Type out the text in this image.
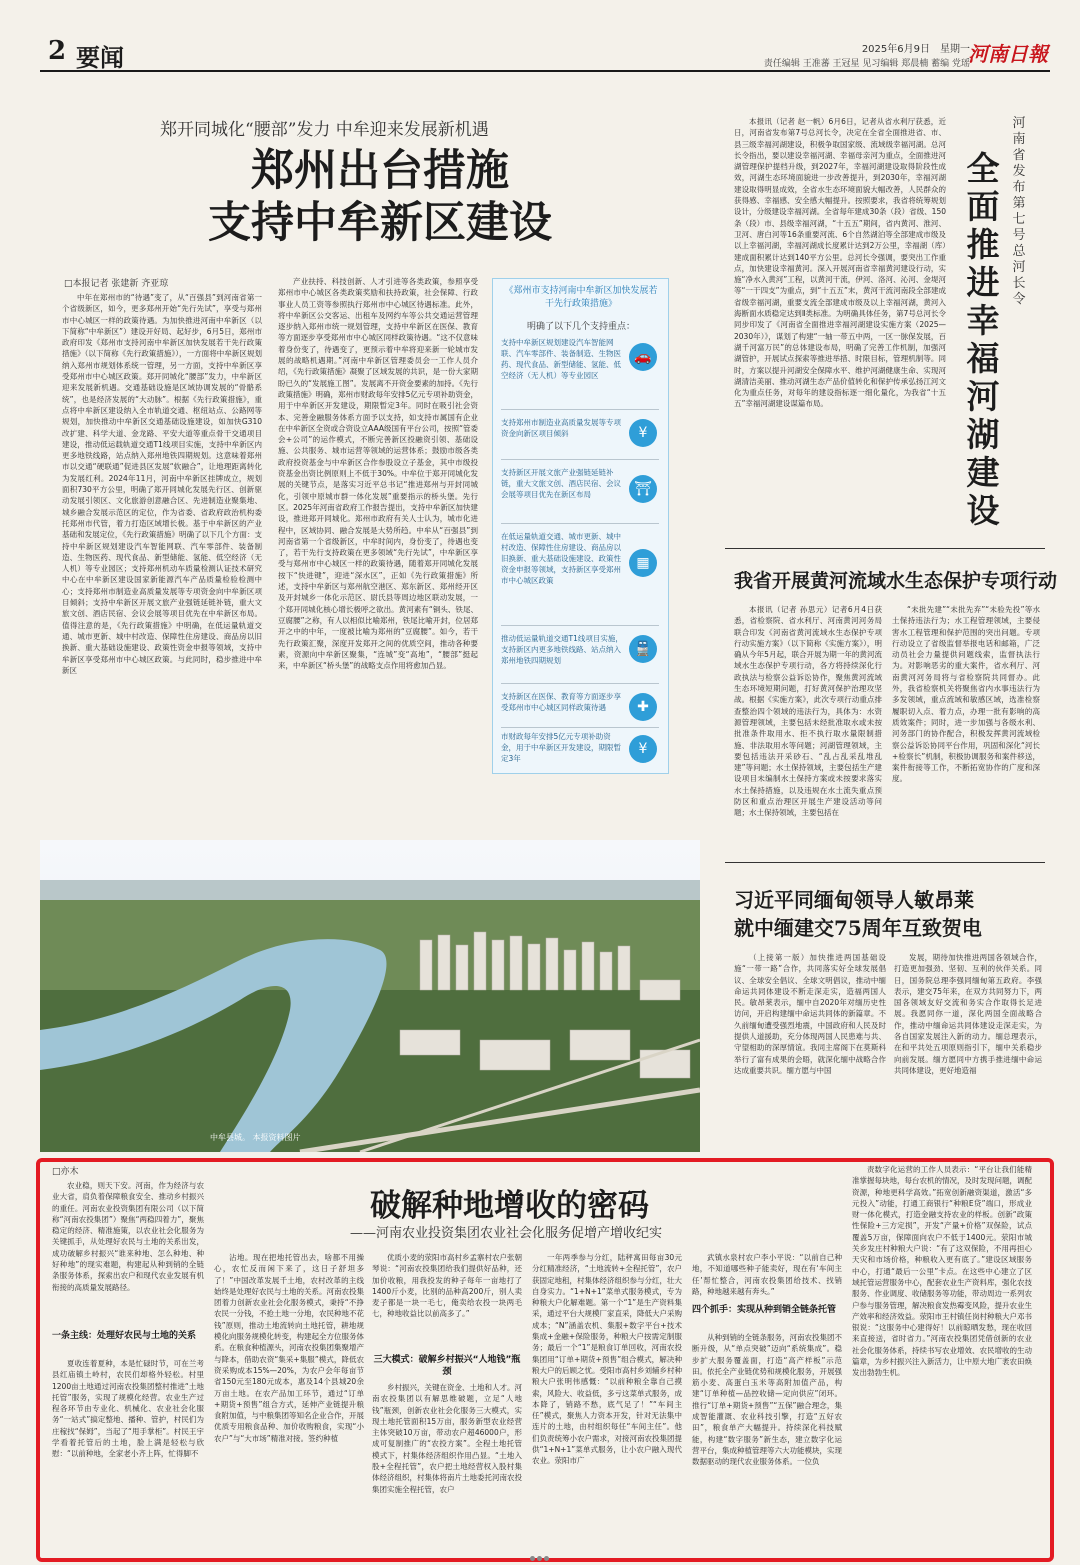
2 要闻	2025年6月9日　星期一
责任编辑 王准蕃 王冠星 见习编辑 郑晨楠 蓄编 党瑶
河南日報
郑开同城化“腰部”发力 中牟迎来发展新机遇
郑州出台措施
支持中牟新区建设
□本报记者 张建新 齐亚琼

中年在郑州市的“待遇”变了，从“百强县”到河南省第一个省级新区，如今，更多郑州开始“先行先试”，享受与郑州市中心城区一样的政策待遇。为加快推进河南中牟新区（以下简称“中牟新区”）建设开好局、起好步，6月5日，郑州市政府印发《郑州市支持河南中牟新区加快发展若干先行政策措施》（以下简称《先行政策措施》），一方面将中牟新区规划纳入郑州市规划体系统一管理，另一方面，支持中牟新区享受郑州市中心城区政策。郑开同城化“腰部”发力，中牟新区迎来发展新机遇。交通基础设施是区域协调发展的“骨骼系统”，也是经济发展的“大动脉”。根据《先行政策措施》，重点将中牟新区建设纳入全市轨道交通、枢纽站点、公路网等规划，加快推动中牟新区交通基础设施建设，如加快G310改扩建、科学大道、金龙路、平安大道等重点骨干交通项目建设，推动低运载轨道交通T1线项目实施，支持中牟新区内更多地铁线路，站点纳入郑州地铁四期规划。这意味着郑州市以交通“硬联通”促进县区发展“软融合”，让地理距离转化为发展红利。2024年11月，河南中牟新区挂牌成立，规划面积730平方公里，明确了郑开同城化发展先行区、创新驱动发展引领区、文化旅游创意融合区、先进制造业聚集地、城乡融合发展示范区的定位，作为省委、省政府政治机构委托郑州市代管，着力打造区域增长极。基于中牟新区的产业基础和发展定位，《先行政策措施》明确了以下几个方面：支持中牟新区规划建设汽车智能网联、汽车零部件、装备制造、生物医药、现代食品、新型储能、氢能、低空经济（无人机）等专业园区；支持郑州机动车质量检测认证技术研究中心在中牟新区建设国家新能源汽车产品质量检验检测中心；支持郑州市制造业高质量发展等专项资金向中牟新区项目倾斜；支持中牟新区开展文旅产业强链延链补链，重大文旅文创、酒店民宿、会议会展等项目优先在中牟新区布局。值得注意的是，《先行政策措施》中明确，在低运量轨道交通、城市更新、城中村改造、保障性住房建设、商品房以旧换新、重大基础设施建设、政策性资金申报等领域，支持中牟新区享受郑州市中心城区政策。与此同时，稳步推进中牟新区

产业扶持、科技创新、人才引进等各类政策，参照享受郑州市中心城区各类政策奖励和扶持政策，社会保障、行政事业人员工资等参照执行郑州市中心城区待遇标准。此外，将中牟新区公交客运、出租车及网约车等公共交通运营管理逐步纳入郑州市统一规划管理，支持中牟新区在医保、教育等方面逐步享受郑州市中心城区同样政策待遇。“这不仅意味着身份变了，待遇变了，更预示着中牟将迎来新一轮城市发展的战略机遇期。”河南中牟新区管理委员会一工作人员介绍，《先行政策措施》凝聚了区域发展的共识，是一份大家期盼已久的“发展施工图”。发展离不开资金要素的加持。《先行政策措施》明确，郑州市财政每年安排5亿元专项补助资金，用于中牟新区开发建设，期限暂定3年。同时在吸引社会资本、完善金融服务体系方面予以支持，如支持市属国有企业在中牟新区全资或合资设立AAA级国有平台公司，按照“管委会+公司”的运作模式，不断完善新区投融资引领、基础设施、公共服务、城市运营等领域的运营体系；鼓励市级各类政府投资基金与中牟新区合作参股设立子基金，其中市级投资基金出资比例原则上不低于30%。中牟位于郑开同城化发展的关键节点，是落实习近平总书记“推进郑州与开封同城化，引领中原城市群一体化发展”重要指示的桥头堡。先行区。2025年河南省政府工作报告提出，支持中牟新区加快建设，推进郑开同城化。郑州市政府有关人士认为，城市化进程中，区域协同、融合发展是大势所趋。中牟从“百强县”到河南省第一个省级新区，中牟时间内，身份变了，待遇也变了，若干先行支持政策在更多领域“先行先试”，中牟新区享受与郑州市中心城区一样的政策待遇，随着郑开同城化发展按下“快进键”，迎进“深水区”，正如《先行政策措施》所述，支持中牟新区与郑州航空港区、郑东新区、郑州经开区及开封城乡一体化示范区、尉氏县等周边地区联动发展，一个郑开同城化核心增长极呼之欲出。黄河素有“铜头、铁尾、豆腐腰”之称，有人以相似比喻郑州，铁尾比喻开封，位居郑开之中的中年，一度被比喻为郑州的“豆腐腰”。如今，若干先行政策汇聚，深度开发郑开之间的优质空间，推动各种要素，资源向中牟新区聚集，“连城”变“高地”，“腰部”挺起来，中牟新区“桥头堡”的战略支点作用将愈加凸显。

《郑州市支持河南中牟新区加快发展若干先行政策措施》
明确了以下几个支持重点：
支持中牟新区规划建设汽车智能网联、汽车零部件、装备制造、生物医药、现代食品、新型储能、氢能、低空经济（无人机）等专业园区
🚗
支持郑州市制造业高质量发展等专项资金向新区项目倾斜	¥
支持新区开展文旅产业强链延链补链，重大文旅文创、酒店民宿、会议会展等项目优先在新区布局	⛩
在低运量轨道交通、城市更新、城中村改造、保障性住房建设、商品房以旧换新、重大基础设施建设、政策性资金申报等领域，支持新区享受郑州市中心城区政策
▦
推动低运量轨道交通T1线项目实施，支持新区内更多地铁线路、站点纳入郑州地铁四期规划
🚆
支持新区在医保、教育等方面逐步享受郑州市中心城区同样政策待遇	✚
市财政每年安排5亿元专项补助资金，用于中牟新区开发建设，期限暂定3年
¥
中牟县城。 本报资料图片
河南省发布第七号总河长令
全面推进幸福河湖建设

本报讯（记者 赵一帆）6月6日，记者从省水利厅获悉，近日，河南省发布第7号总河长令，决定在全省全面推进省、市、县三级幸福河湖建设，积极争取国家级、流域级幸福河湖。总河长令指出，要以建设幸福河湖、幸福母亲河为重点，全面推进河湖管理保护提档升级，到2027年，幸福河湖建设取得阶段性成效，河湖生态环境面貌进一步改善提升，到2030年，幸福河湖建设取得明显成效，全省水生态环境面貌大幅改善，人民群众的获得感、幸福感、安全感大幅提升。按照要求，我省将统筹规划设计，分级建设幸福河湖。全省每年建成30条（段）省级、150条（段）市、县级幸福河湖，“十五五”期间，省内黄河、淮河、卫河、唐白河等16条重要河流、6个自然湖泊等全部建成市级及以上幸福河湖，幸福河湖成长度累计达到2万公里，幸福湖（库）建成面积累计达到140平方公里。总河长令强调，要突出工作重点，加快建设幸福黄河。深入开展河南省幸福黄河建设行动，实施“净水入黄河”工程，以黄河干流，伊河、洛河、沁河、金堤河等“一干四支”为重点，到“十五五”末，黄河干流河南段全部建成省级幸福河湖，重要支流全部建成市级及以上幸福河湖，黄河入海断面水质稳定达到Ⅱ类标准。为明确具体任务，第7号总河长令同步印发了《河南省全面推进幸福河湖建设实施方案（2025—2030年）》，谋划了构建“一轴一带五中两，一区一脉保发展，百湖千河富万民”的总体建设布局，明确了完善工作机制，加强河湖管护，开展试点探索等推进举措、时限目标，管理机制等。同时，方案以提升河湖安全保障水平、维护河湖健康生命、实现河湖清洁美丽、推动河湖生态产品价值转化和保护传承弘扬江河文化为重点任务，对每年的建设指标逐一细化量化，为我省“十五五”幸福河湖建设谋篇布局。

我省开展黄河流域水生态保护专项行动

本报讯（记者 孙思元）记者6月4日获悉，省检察院、省水利厅、河南黄河河务局联合印发《河南省黄河流域水生态保护专项行动实施方案》（以下简称《实施方案》），明确从今年5月起，联合开展为期一年的黄河流域水生态保护专项行动，各方将持续深化行政执法与检察公益诉讼协作，聚焦黄河流域生态环境短期问题，打好黄河保护治理攻坚战。根据《实施方案》，此次专项行动重点排查整治四个领域的违法行为，具体为：水资源管理领域，主要包括未经批准取水或未按批准条件取用水、拒不执行取水量限制措施、非法取用水等问题；河湖管理领域，主要包括违法开采砂石、“乱占乱采乱堆乱建”等问题；水土保持领域，主要包括生产建设项目未编制水土保持方案或未按要求落实水土保持措施，以及违规在水土流失重点预防区和重点治理区开展生产建设活动等问题；水土保持领域，主要包括在

“未批先建”“未批先弃”“未验先投”等水土保持违法行为；水工程管理领域，主要侵害水工程管理和保护范围的突出问题。专项行动设立了省级监督举报电话和邮箱，广泛动员社会力量提供问题线索，监督执法行为。对影响恶劣的重大案件，省水利厅、河南黄河河务局将与省检察院共同督办。此外，我省检察机关将聚焦省内水事违法行为多发领域，重点流域和敏感区域，选准检察履职切入点、着力点，办理一批有影响的高质效案件；同时，进一步加强与各级水利、河务部门的协作配合，积极发挥黄河流域检察公益诉讼协同平台作用，巩固和深化“河长+检察长”机制，积极协调服务和案件移送，案件衔接等工作，不断拓宽协作的广度和深度。

习近平同缅甸领导人敏昂莱
就中缅建交75周年互致贺电

（上接第一版）加快推进两国基础设施“一带一路”合作，共同落实好全球发展倡议、全球安全倡议、全球文明倡议，推动中缅命运共同体建设不断走深走实，造福两国人民。敏昂莱表示，缅中自2020年对缅历史性访问，开启构建缅中命运共同体的新篇章。不久前缅甸遭受强烈地震，中国政府和人民及时提供人道援助，充分体现两国人民患难与共、守望相助的深厚情谊。我同主席阁下在莫斯科举行了富有成果的会晤，就深化缅中战略合作达成重要共识。缅方愿与中国

发展，期待加快推进两国各领域合作，打造更加强劲、坚韧、互利的伙伴关系。同日，国务院总理李强同缅甸第五政府。李强表示，建交75年来，在双方共同努力下，两国各领域友好交流和务实合作取得长足进展。我愿同你一道，深化两国全面战略合作，推动中缅命运共同体建设走深走实，为各自国家发展注入新的动力。缅总理表示，在和平共处五项原则指引下，缅中关系稳步向前发展。缅方愿同中方携手推进缅中命运共同体建设，更好地造福

□亦木
破解种地增收的密码
——河南农业投资集团农业社会化服务促增产增收纪实

农业稳，则天下安。河南，作为经济与农业大省，肩负着保障粮食安全、推动乡村振兴的重任。河南农业投资集团有限公司（以下简称“河南农投集团”）聚焦“两稳四着力”，聚焦稳定的经济、精准施策，以农业社会化服务为关键抓手，从处理好农民与土地的关系出发，成功破解乡村振兴“谁来种地、怎么种地、种好种地”的现实难题，构建起从种到销的全链条服务体系，探索出农户和现代农业发展有机衔接的高质量发展路径。

一条主线：处理好农民与土地的关系

夏收连着夏种，本是忙碌时节，可在兰考县红庙镇土岭村，农民们却格外轻松。村里1200亩土地通过河南农投集团整村推进“土地托管”服务，实现了规模化经营。农业生产过程各环节由专业化、机械化、农业社会化服务“一站式”搞定整地、播种、管护，村民们为庄稼找“保姆”，当起了“甩手掌柜”。村民王宇学看着托管后的土地，脸上满是轻松与欣慰：“以前种地，全家老小齐上阵，忙得脚不

沾地。现在把地托管出去，啥都不用操心，农忙反而闲下来了，这日子舒坦多了！”中国改革发展千土地，农村改革的主线始终是处理好农民与土地的关系。河南农投集团着力创新农业社会化服务模式，秉持“不挣农民一分钱，不抢土地一分地，农民种地不花钱”原则，推动土地流转向土地托管，耕地规模化向服务规模化转变，构建起全方位服务体系。在粮食种植源头，河南农投集团集聚增产与降本，借助农资“集采+集服”模式，降低农资采购成本15%—20%，为农户会年每亩节省150元至180元成本，惠及14个县城20余万亩土地。在农产品加工环节，通过“订单+期货+预售”组合方式，延伸产业链提升粮食附加值，与中粮集团等知名企业合作，开展优质专用粮食品种、加价收购粮食，实现“小农户”与“大市场”精准对接。签约种植

优质小麦的荥阳市高村乡孟寨村农户张朝琴说：“河南农投集团给我们提供好品种，还加价收粮，用我投发的种子每年一亩地打了1400斤小麦，比别的品种高200斤，别人卖麦子都是一块一毛七，俺卖给农投一块两毛七，种地收益比以前高多了。”

三大模式：破解乡村振兴“人地钱”瓶颈

乡村振兴，关键在资金、土地和人才。河南农投集团以有解思维破题，立足“人地钱”瓶颈，创新农业社会化服务三大模式，实现土地托管面积15万亩，服务新型农业经营主体突破10万亩，带动农户超46000户，形成可复制推广的“农投方案”。全程土地托管模式下，村集体经济组织作用凸显。“土地入股+全程托管”，农户把土地经营权入股村集体经济组织，村集体将南片土地委托河南农投集团实施全程托管，农户

一年两季参与分红，陆秤寓田每亩30元分红精准经济，“土地流转+全程托管”，农户获固定地租，村集体经济组织参与分红，壮大自身实力。“1+N+1”菜单式服务模式，专为种粮大户化解难题。第一个“1”是生产资料集采，通过平台大规模厂家直采，降低大户采购成本；“N”涵盖农机、集服+数字平台+技术集成+金融+保险服务，种粮大户按需定制服务；最后一个“1”是粮食订单回收，河南农投集团用“订单+期货+预售”组合模式，解决种粮大户的后顾之忧。受阳市高村乡刘辅乡村种粮大户张明伟感慨：“以前种粮全靠自己摸索，风险大、收益低，多亏这菜单式服务，成本降了，销路不愁，底气足了！”“车间主任”模式，聚焦人力资本开发，针对无法集中连片的土地，由村组织每任“车间主任”。他们负责统筹小农户需求，对接河南农投集团提供“1+N+1”菜单式服务，让小农户融入现代农业。荥阳市广

武镇水泉村农户李小平说：“以前自己种地，不知道哪些种子能卖好，现在有‘车间主任’帮忙整合，河南农投集团给技术、找销路，种地越来越有奔头。”

四个抓手：实现从种到销全链条托管

从种到销的全链条服务，河南农投集团不断升级，从“单点突破”迈向“系统集成”。稳步扩大服务覆盖面，打造“高产样板”示范田。依托全产业链优势和规模化服务，开展强筋小麦、高蛋白玉米等高附加值产品，构建“订单种植—品控收储—定向供应”闭环。推行“订单+期货+预售”“五保”融合理念，集成智能灌溉、农业科技引擎，打造“五好农田”，粮食单产大幅提升。持续深化科技赋能，构建“数字服务”新生态，建立数字化运营平台，集成种植管理等六大功能模块，实现数据驱动的现代农业服务体系。一位负

责数字化运营的工作人员表示：“平台让我们能精准掌握每块地，每台农机的情况，及时发现问题，调配资源，种地更科学高效。”拓宽创新融资渠道，激活“多元投入”动能，打通工商银行“种粮E贷”端口，形成业财一体化模式，打造金融支持农业的样板。创新“政策性保险+三方定损”，开发“产量+价格”双保险，试点覆盖5万亩，保障面向农户不低于1400元。荥阳市城关乡发庄村种粮大户说：“有了这双保险，不用再担心天灾和市场价格，种粮收入更有底了。”建设区域服务中心，打通“最后一公里”卡点。在这些中心建立了区域托管运营服务中心，配套农业生产资料库，强化农技服务、作业调度、收储服务等功能，带动周边一系列农户参与服务管理，解决粮食发热霉变风险，提升农业生产效率和经济效益。荥阳市王村镇任岗村种粮大户邓书银说：“这服务中心建得好！以前晾晒发愁，现在收回来直接送，省时省力。”河南农投集团凭借创新的农业社会化服务体系，持续书写农业增效、农民增收的生动篇章，为乡村振兴注入新活力，让中原大地广袤农田焕发出勃勃生机。
